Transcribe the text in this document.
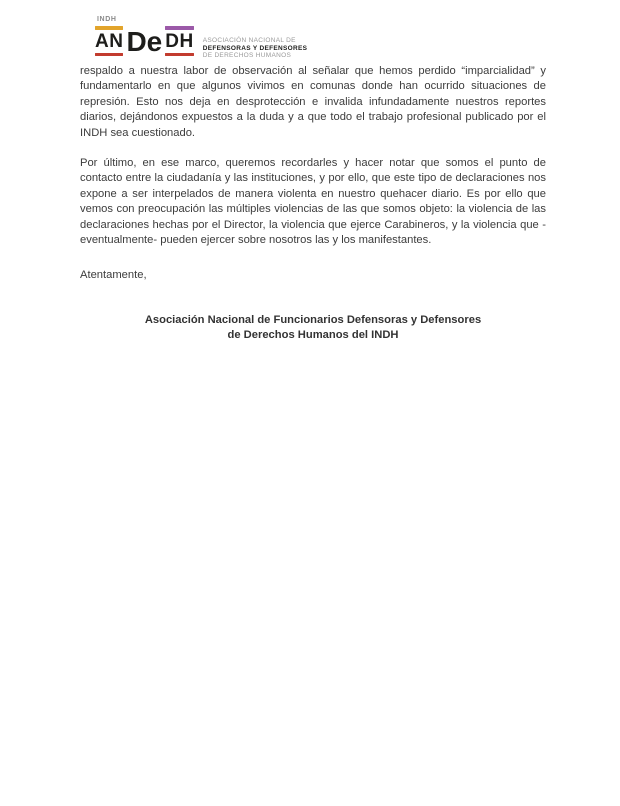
INDH
AN De DH ASOCIACIÓN NACIONAL DE
DEFENSORAS Y DEFENSORES
DE DERECHOS HUMANOS

respaldo a nuestra labor de observación al señalar que hemos perdido “imparcialidad” y fundamentarlo en que algunos vivimos en comunas donde han ocurrido situaciones de represión. Esto nos deja en desprotección e invalida infundadamente nuestros reportes diarios, dejándonos expuestos a la duda y a que todo el trabajo profesional publicado por el INDH sea cuestionado.

Por último, en ese marco, queremos recordarles y hacer notar que somos el punto de contacto entre la ciudadanía y las instituciones, y por ello, que este tipo de declaraciones nos expone a ser interpelados de manera violenta en nuestro quehacer diario. Es por ello que vemos con preocupación las múltiples violencias de las que somos objeto: la violencia de las declaraciones hechas por el Director, la violencia que ejerce Carabineros, y la violencia que -eventualmente- pueden ejercer sobre nosotros las y los manifestantes.

Atentamente,

Asociación Nacional de Funcionarios Defensoras y Defensores
de Derechos Humanos del INDH
